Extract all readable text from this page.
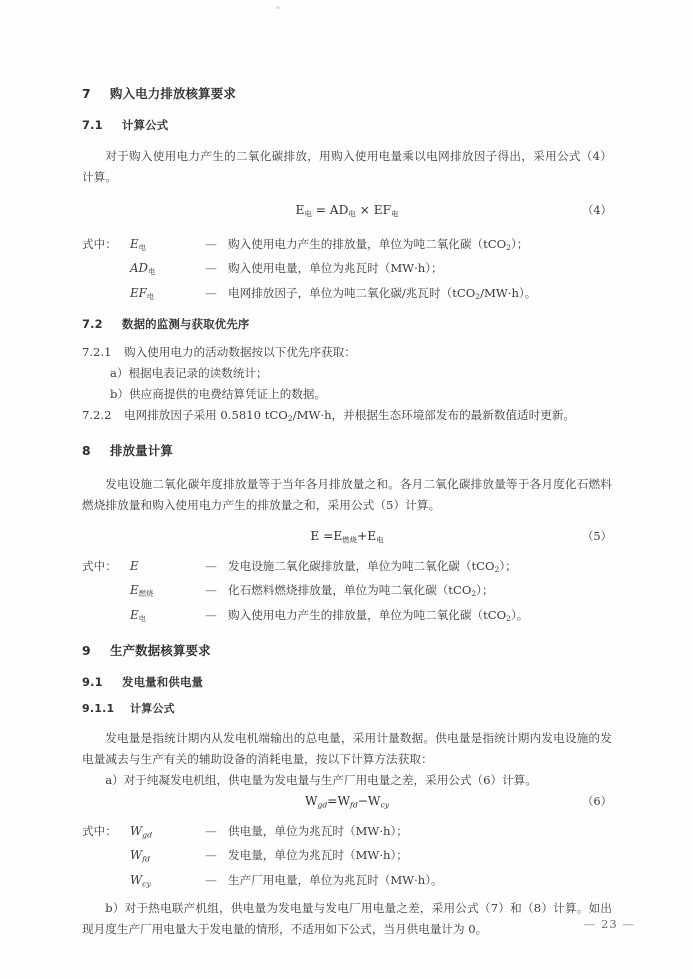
7 购入电力排放核算要求
7.1 计算公式

对于购入使用电力产生的二氧化碳排放，用购入使用电量乘以电网排放因子得出，采用公式（4）计算。

$E_电 = AD_电 \times EF_电$	（4）
式中：	$E_电$	— 购入使用电力产生的排放量，单位为吨二氧化碳（tCO$_2$）；
$AD_电$	— 购入使用电量，单位为兆瓦时（MW·h）；
$EF_电$	— 电网排放因子，单位为吨二氧化碳/兆瓦时（tCO$_2$/MW·h）。
7.2 数据的监测与获取优先序

7.2.1 购入使用电力的活动数据按以下优先序获取：

a）根据电表记录的读数统计；

b）供应商提供的电费结算凭证上的数据。

7.2.2 电网排放因子采用 0.5810 tCO2/MW·h，并根据生态环境部发布的最新数值适时更新。

8 排放量计算

发电设施二氧化碳年度排放量等于当年各月排放量之和。各月二氧化碳排放量等于各月度化石燃料燃烧排放量和购入使用电力产生的排放量之和，采用公式（5）计算。

$E =E_{燃烧}+E_电$	（5）
式中：	E	— 发电设施二氧化碳排放量，单位为吨二氧化碳（tCO$_2$）；
$E_{燃烧}$	— 化石燃料燃烧排放量，单位为吨二氧化碳（tCO$_2$）；
$E_电$	— 购入使用电力产生的排放量，单位为吨二氧化碳（tCO$_2$）。
9 生产数据核算要求
9.1 发电量和供电量
9.1.1 计算公式

发电量是指统计期内从发电机端输出的总电量，采用计量数据。供电量是指统计期内发电设施的发电量减去与生产有关的辅助设备的消耗电量，按以下计算方法获取：

a）对于纯凝发电机组，供电量为发电量与生产厂用电量之差，采用公式（6）计算。

Wgd=Wfd−Wcy	（6）
式中：	Wgd	— 供电量，单位为兆瓦时（MW·h）；
Wfd	— 发电量，单位为兆瓦时（MW·h）；
Wcy	— 生产厂用电量，单位为兆瓦时（MW·h）。

b）对于热电联产机组，供电量为发电量与发电厂用电量之差，采用公式（7）和（8）计算。如出现月度生产厂用电量大于发电量的情形，不适用如下公式，当月供电量计为 0。	— 23 —
